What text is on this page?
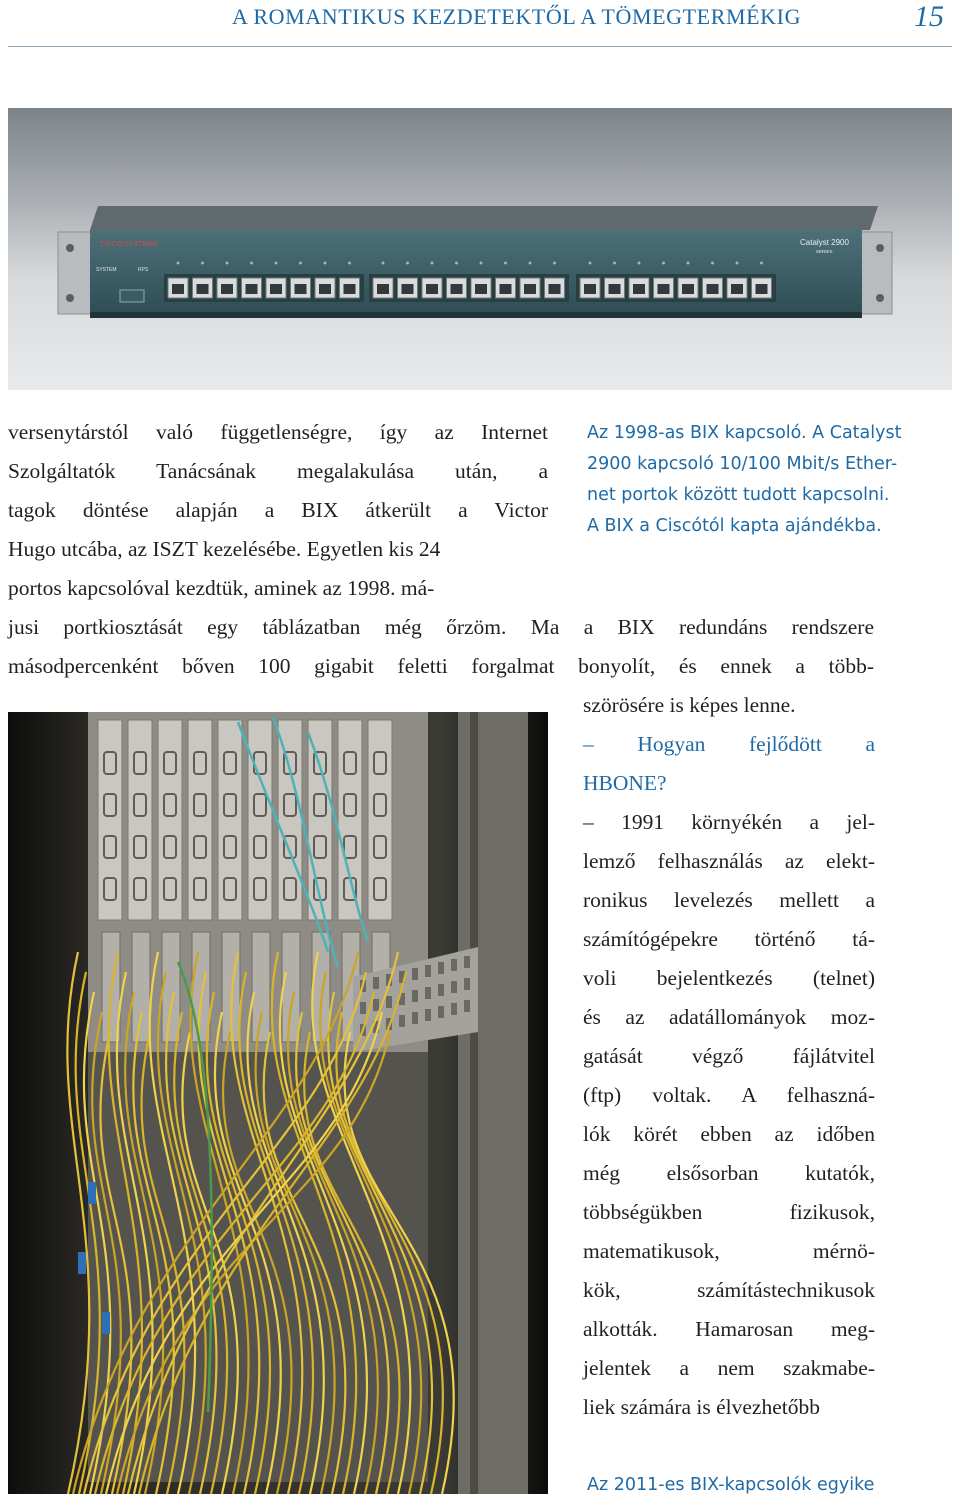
A ROMANTIKUS KEZDETEKTŐL A TÖMEGTERMÉKIG	15
CISCO SYSTEMS
SYSTEM	RPS
Catalyst 2900
SERIES
Az 1998-as BIX kapcsoló. A Catalyst
2900 kapcsoló 10/100 Mbit/s Ether-
net portok között tudott kapcsolni.
A BIX a Ciscótól kapta ajándékba.
versenytárstól való függetlenségre, így az Internet
Szolgáltatók Tanácsának megalakulása után, a
tagok döntése alapján a BIX átkerült a Victor
Hugo utcába, az ISZT kezelésébe. Egyetlen kis 24
portos kapcsolóval kezdtük, aminek az 1998. má-
jusi portkiosztását egy táblázatban még őrzöm. Ma a BIX redundáns rendszere
másodpercenként bőven 100 gigabit feletti forgalmat bonyolít, és ennek a több-
szörösére is képes lenne.
– Hogyan fejlődött a
HBONE?
– 1991 környékén a jel-
lemző felhasználás az elekt-
ronikus levelezés mellett a
számítógépekre történő tá-
voli bejelentkezés (telnet)
és az adatállományok moz-
gatását végző fájlátvitel
(ftp) voltak. A felhaszná-
lók körét ebben az időben
még elsősorban kutatók,
többségükben fizikusok,
matematikusok, mérnö-
kök, számítástechnikusok
alkották. Hamarosan meg-
jelentek a nem szakmabe-
liek számára is élvezhetőbb
Az 2011-es BIX-kapcsolók egyike
